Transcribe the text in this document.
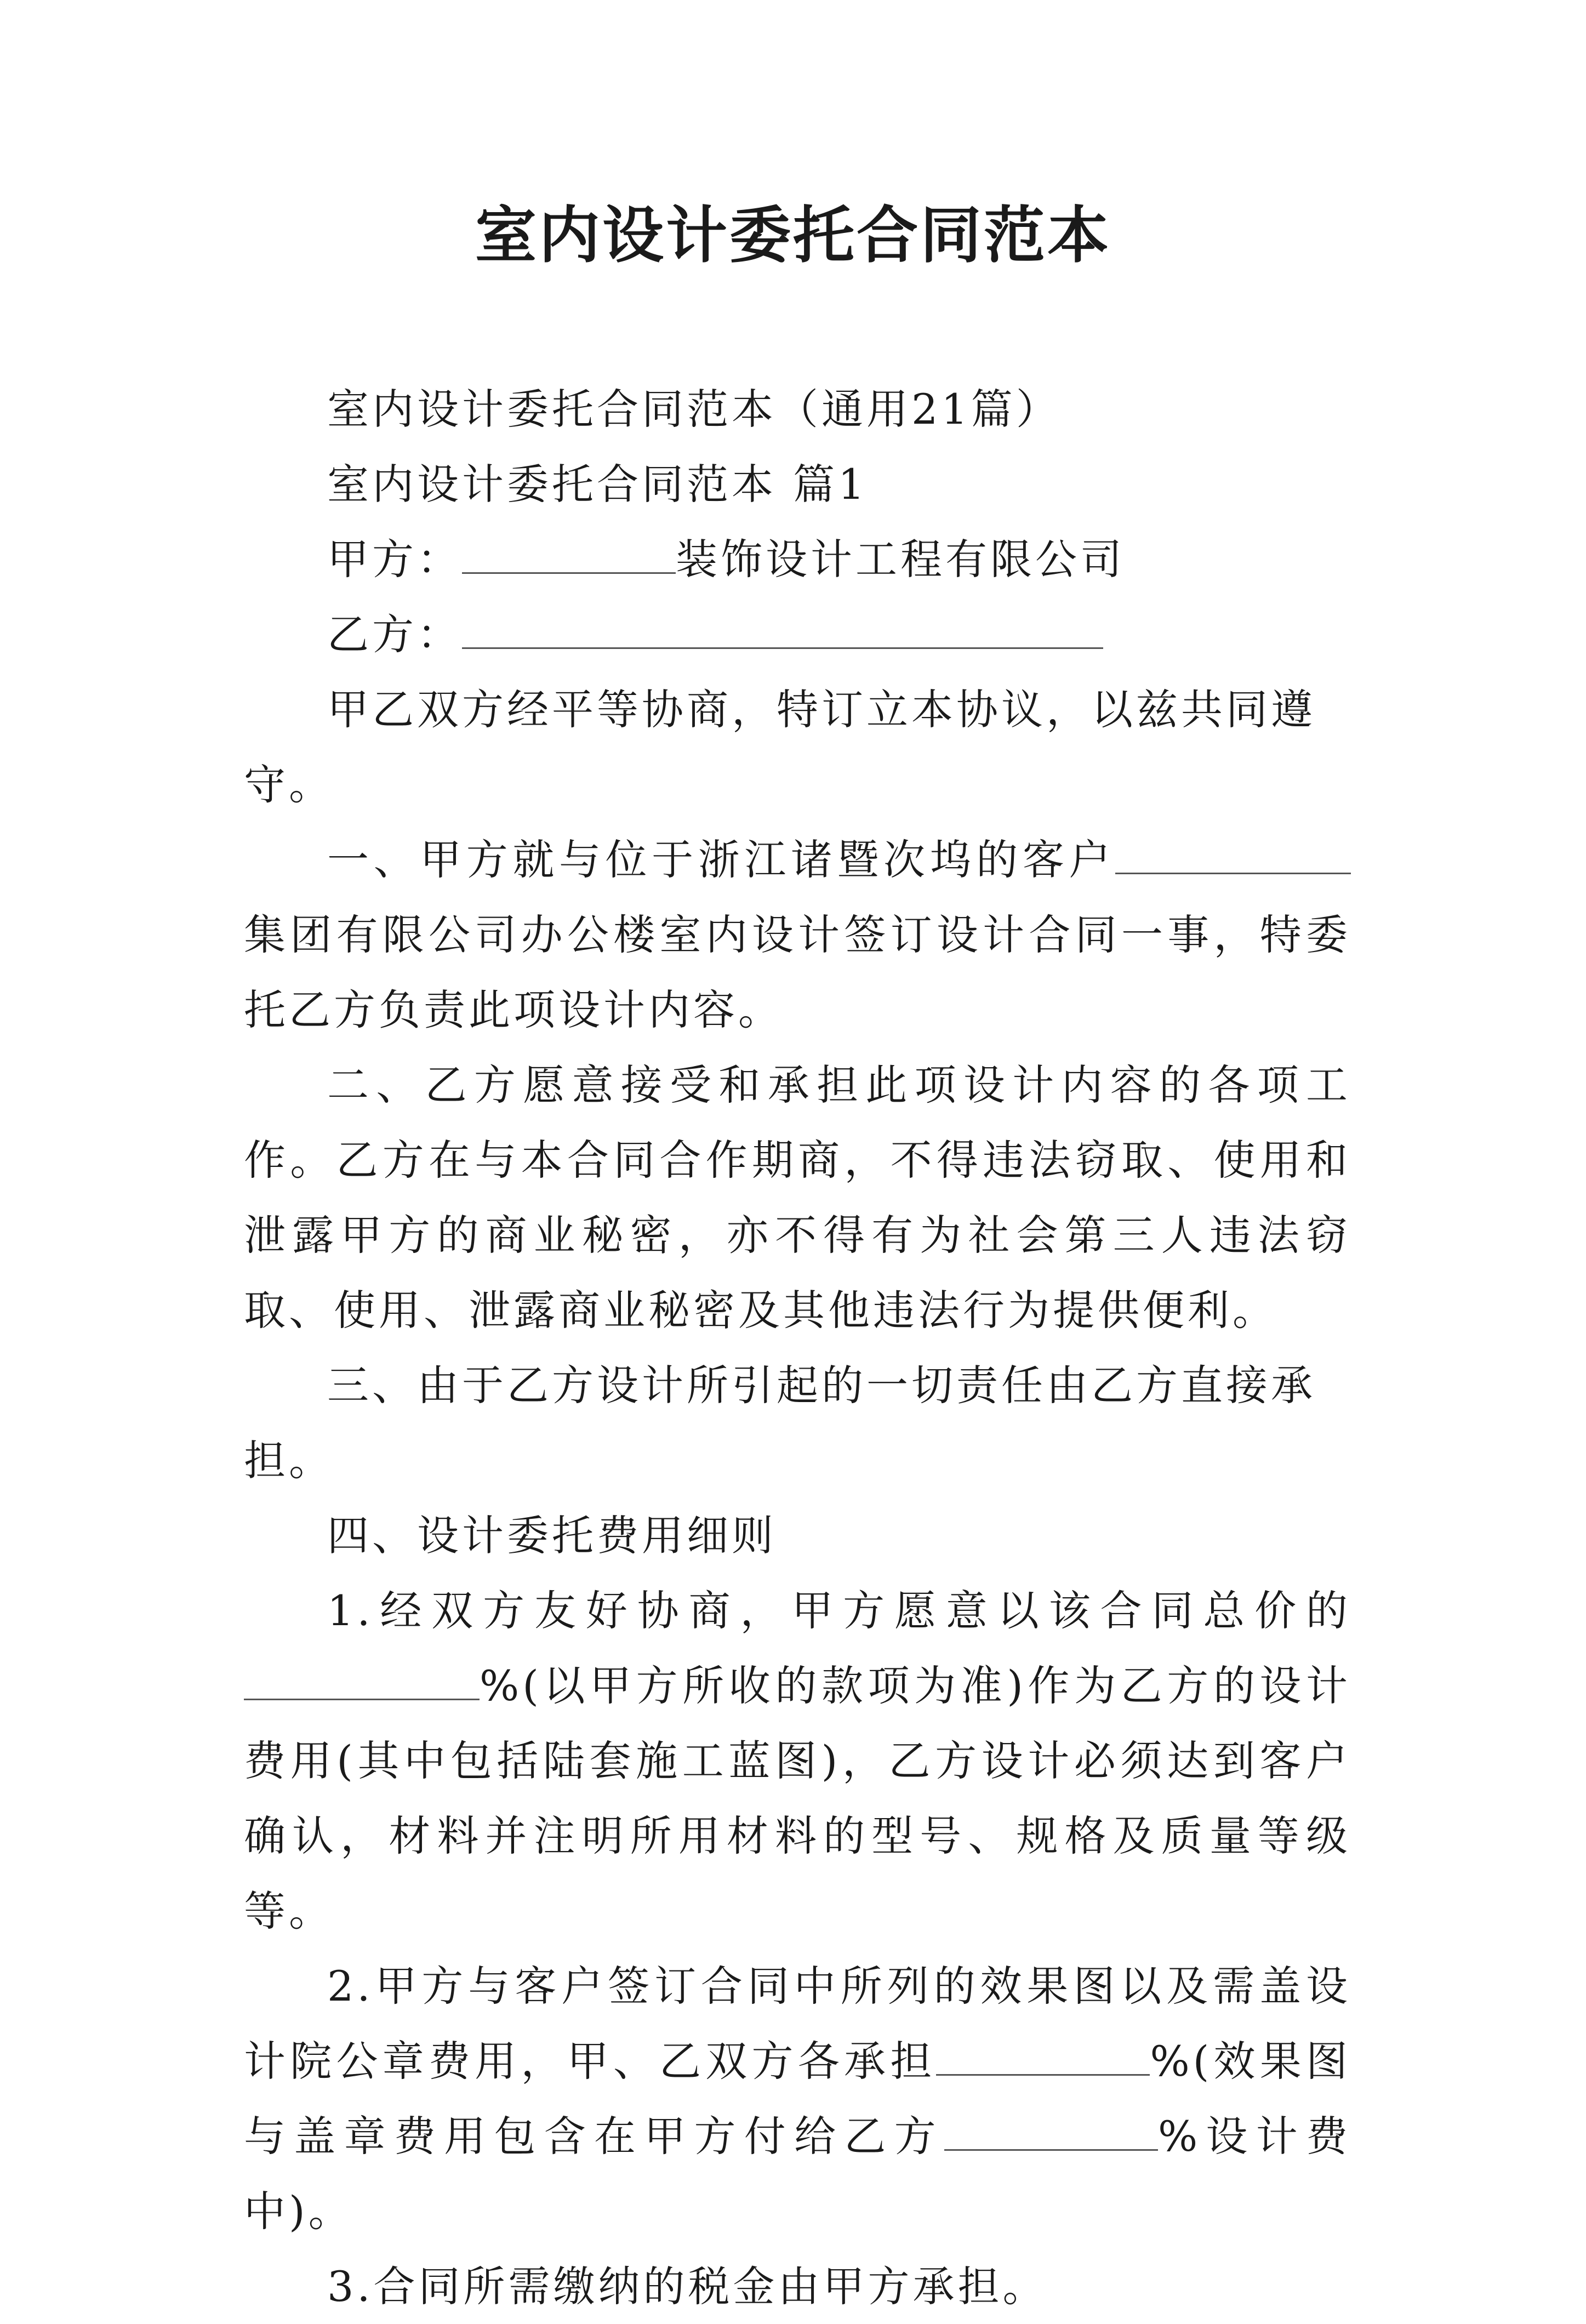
室内设计委托合同范本

室内设计委托合同范本（通用21篇）

室内设计委托合同范本 篇1

甲方：	装饰设计工程有限公司

乙方：

甲乙双方经平等协商，特订立本协议，以兹共同遵守。

一、甲方就与位于浙江诸暨次坞的客户集团有限公司办公楼室内设计签订设计合同一事，特委托乙方负责此项设计内容。

二、乙方愿意接受和承担此项设计内容的各项工作。乙方在与本合同合作期商，不得违法窃取、使用和泄露甲方的商业秘密，亦不得有为社会第三人违法窃取、使用、泄露商业秘密及其他违法行为提供便利。

三、由于乙方设计所引起的一切责任由乙方直接承担。

四、设计委托费用细则

1.经双方友好协商，甲方愿意以该合同总价的%(以甲方所收的款项为准)作为乙方的设计费用(其中包括陆套施工蓝图)，乙方设计必须达到客户确认，材料并注明所用材料的型号、规格及质量等级等。

2.甲方与客户签订合同中所列的效果图以及需盖设计院公章费用，甲、乙双方各承担	%(效果图与盖章费用包含在甲方付给乙方	%设计费中)。

3.合同所需缴纳的税金由甲方承担。
